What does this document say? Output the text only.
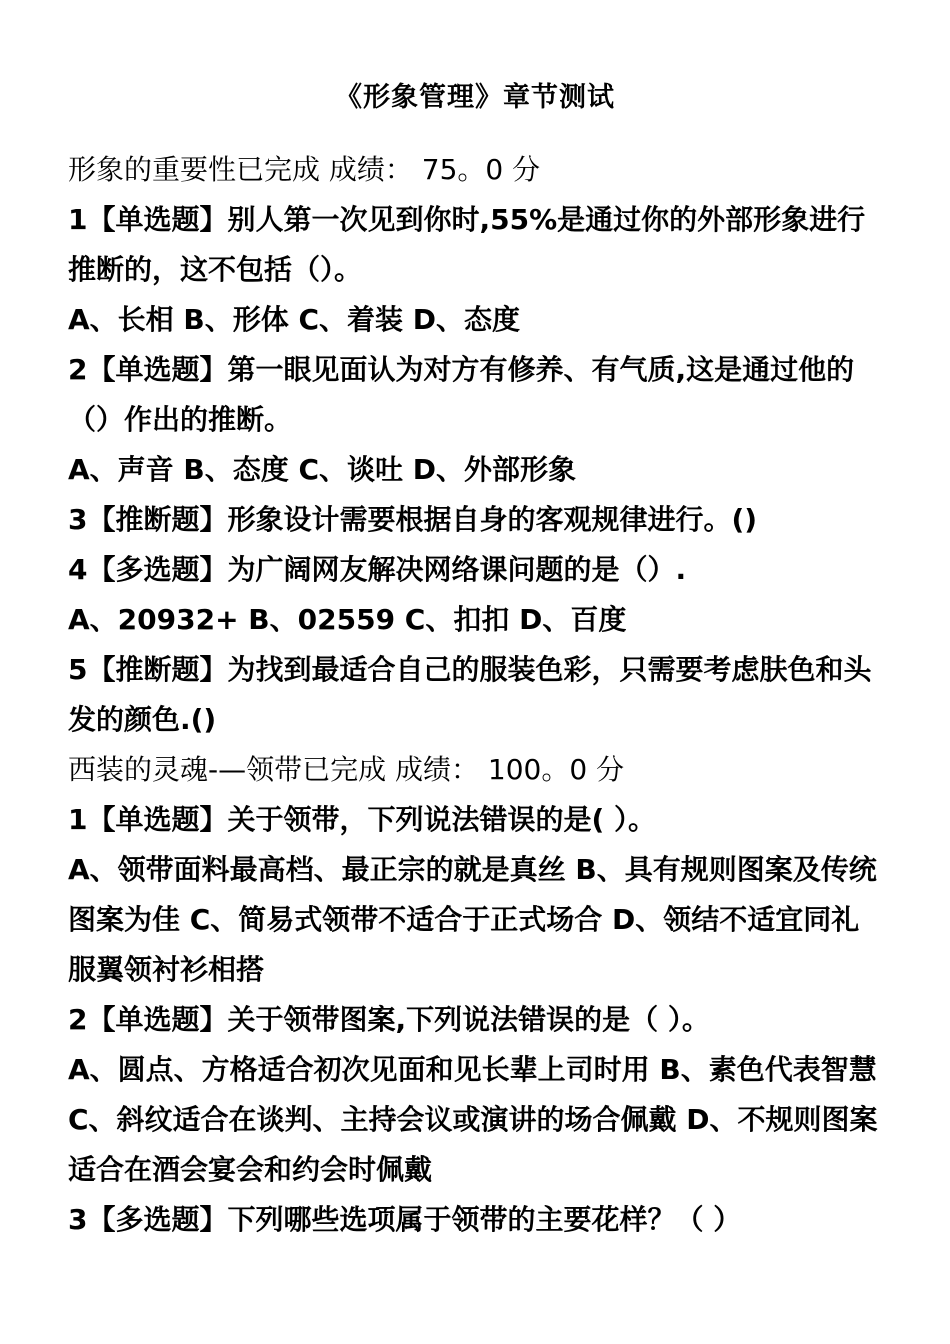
《形象管理》章节测试

形象的重要性已完成 成绩： 75。0 分

1【单选题】别人第一次见到你时,55%是通过你的外部形象进行推断的，这不包括（）。

A、长相 B、形体 C、着装 D、态度

2【单选题】第一眼见面认为对方有修养、有气质,这是通过他的（）作出的推断。

A、声音 B、态度 C、谈吐 D、外部形象

3【推断题】形象设计需要根据自身的客观规律进行。()

4【多选题】为广阔网友解决网络课问题的是（）.

A、20932+ B、02559 C、扣扣 D、百度

5【推断题】为找到最适合自己的服装色彩，只需要考虑肤色和头发的颜色.()

西装的灵魂-—领带已完成 成绩： 100。0 分

1【单选题】关于领带，下列说法错误的是( ）。

A、领带面料最高档、最正宗的就是真丝 B、具有规则图案及传统图案为佳 C、简易式领带不适合于正式场合 D、领结不适宜同礼服翼领衬衫相搭

2【单选题】关于领带图案,下列说法错误的是（ ）。

A、圆点、方格适合初次见面和见长辈上司时用 B、素色代表智慧 C、斜纹适合在谈判、主持会议或演讲的场合佩戴 D、不规则图案适合在酒会宴会和约会时佩戴

3【多选题】下列哪些选项属于领带的主要花样？（ ）
